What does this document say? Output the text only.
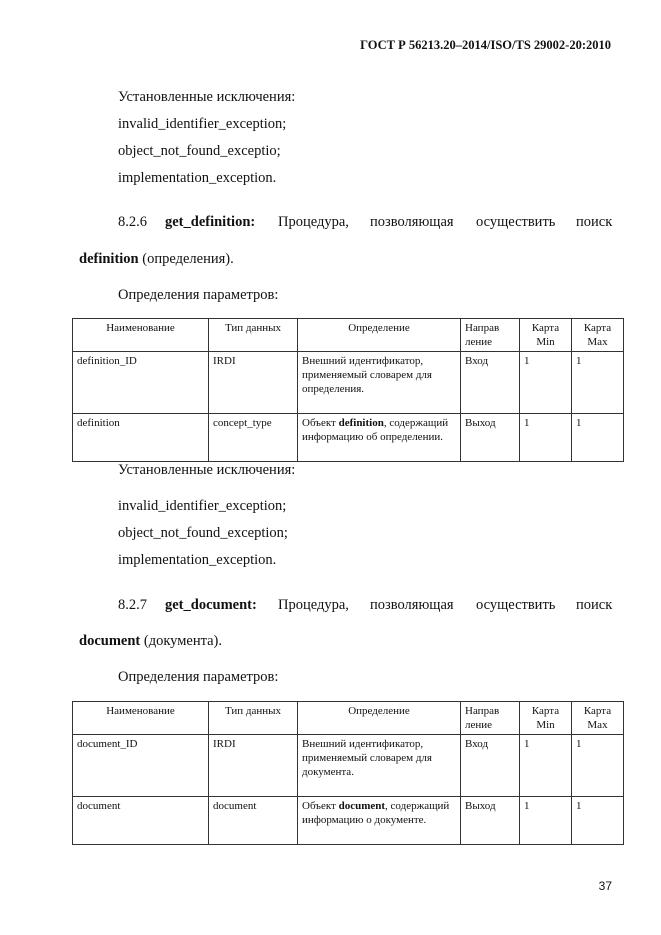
ГОСТ Р 56213.20–2014/ISO/TS 29002-20:2010
Установленные исключения:
invalid_identifier_exception;
object_not_found_exceptio;
implementation_exception.
8.2.6 get_definition: Процедура, позволяющая осуществить поиск
definition (определения).
Определения параметров:
Наименование	Тип данных	Определение	Направ ление	Карта Min	Карта Max
definition_ID	IRDI	Внешний идентификатор, применяемый словарем для определения.	Вход	1	1
definition	concept_type	Объект definition, содержащий информацию об определении.	Выход	1	1
Установленные исключения:
invalid_identifier_exception;
object_not_found_exception;
implementation_exception.
8.2.7 get_document: Процедура, позволяющая осуществить поиск
document (документа).
Определения параметров:
Наименование	Тип данных	Определение	Направ ление	Карта Min	Карта Max
document_ID	IRDI	Внешний идентификатор, применяемый словарем для документа.	Вход	1	1
document	document	Объект document, содержащий информацию о документе.	Выход	1	1
37
